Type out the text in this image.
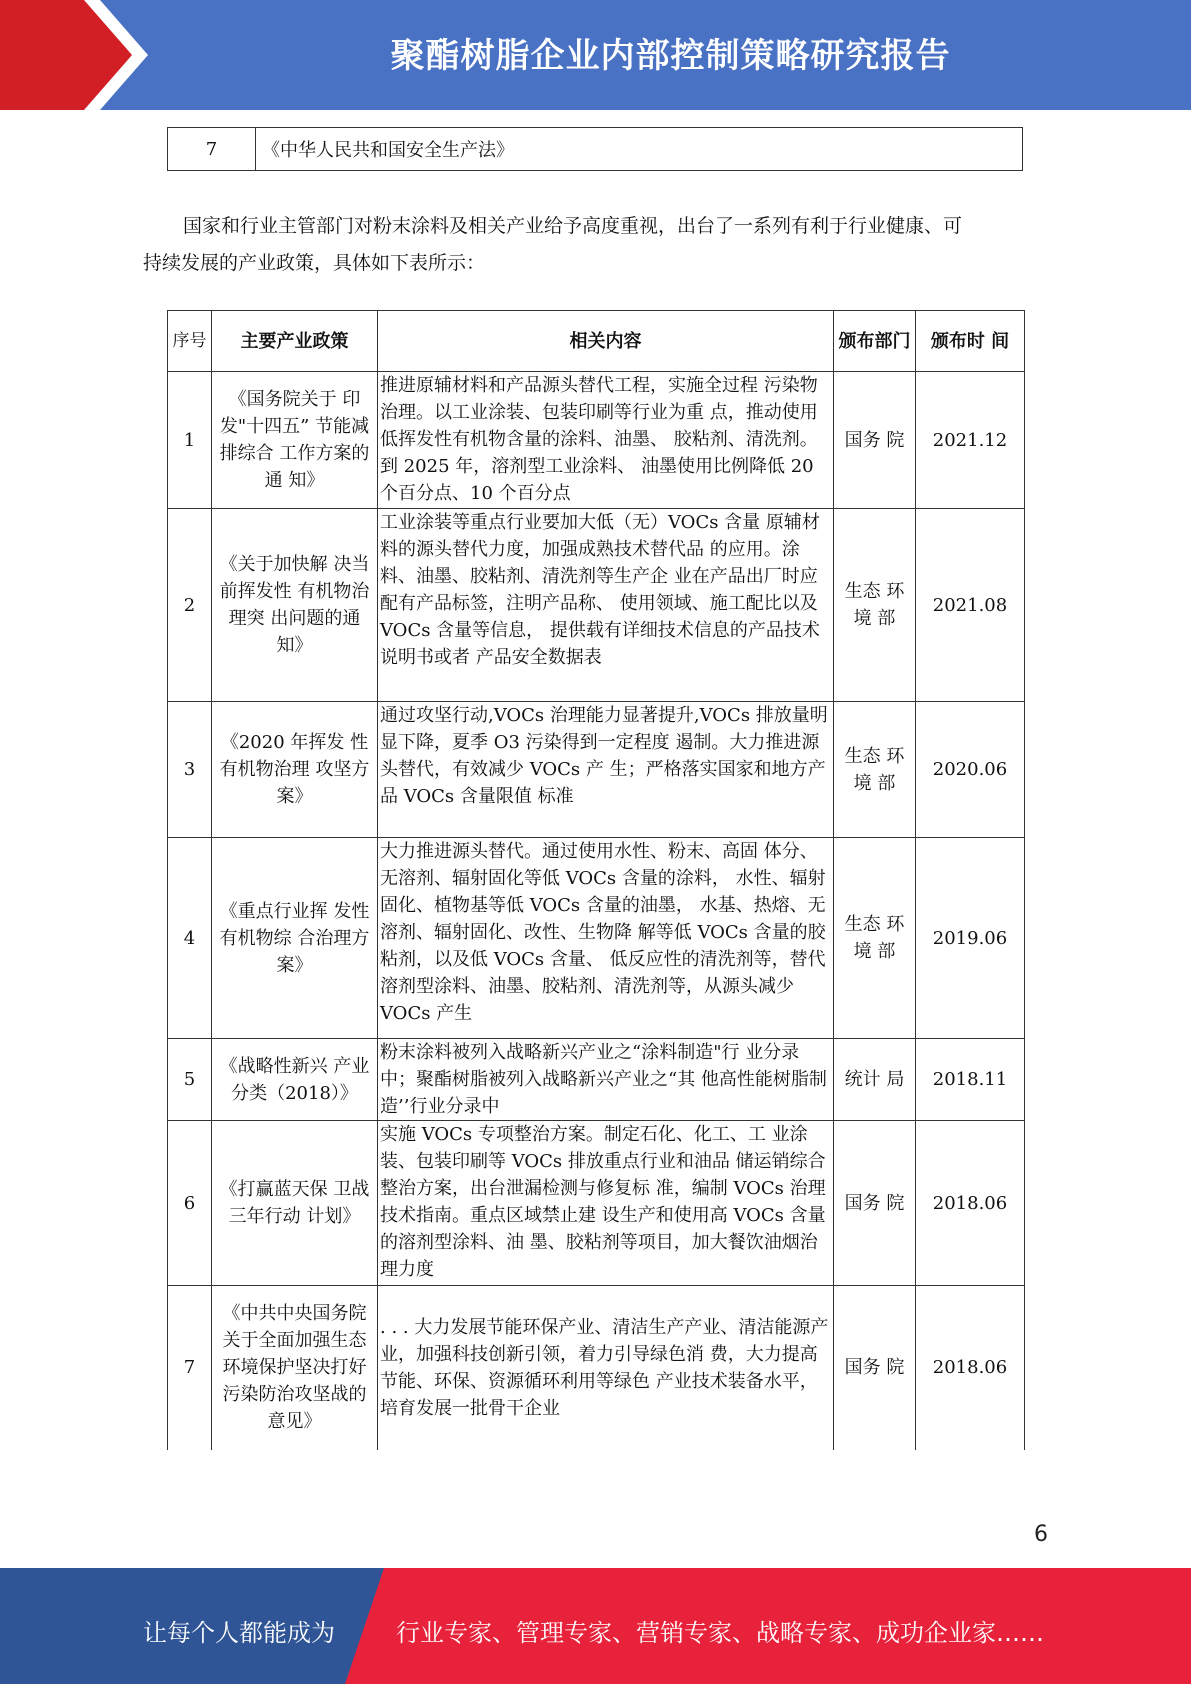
聚酯树脂企业内部控制策略研究报告
7	《中华人民共和国安全生产法》

国家和行业主管部门对粉末涂料及相关产业给予高度重视，出台了一系列有利于行业健康、可

持续发展的产业政策，具体如下表所示：
序号	主要产业政策	相关内容	颁布部门	颁布时 间
1	《国务院关于 印发"十四五” 节能减排综合 工作方案的通 知》	推进原辅材料和产品源头替代工程，实施全过程 污染物治理。以工业涂装、包装印刷等行业为重 点，推动使用低挥发性有机物含量的涂料、油墨、 胶粘剂、清洗剂。到 2025 年，溶剂型工业涂料、 油墨使用比例降低 20 个百分点、10 个百分点	国务 院	2021.12
2	《关于加快解 决当前挥发性 有机物治理突 出问题的通知》	工业涂装等重点行业要加大低（无）VOCs 含量 原辅材料的源头替代力度，加强成熟技术替代品 的应用。涂料、油墨、胶粘剂、清洗剂等生产企 业在产品出厂时应配有产品标签，注明产品称、 使用领域、施工配比以及 VOCs 含量等信息， 提供载有详细技术信息的产品技术说明书或者 产品安全数据表	生态 环境 部	2021.08
3	《2020 年挥发 性有机物治理 攻坚方案》	通过攻坚行动,VOCs 治理能力显著提升,VOCs 排放量明显下降，夏季 O3 污染得到一定程度 遏制。大力推进源头替代，有效减少 VOCs 产 生；严格落实国家和地方产品 VOCs 含量限值 标准	生态 环境 部	2020.06
4	《重点行业挥 发性有机物综 合治理方案》	大力推进源头替代。通过使用水性、粉末、高固 体分、无溶剂、辐射固化等低 VOCs 含量的涂料， 水性、辐射固化、植物基等低 VOCs 含量的油墨， 水基、热熔、无溶剂、辐射固化、改性、生物降 解等低 VOCs 含量的胶粘剂，以及低 VOCs 含量、 低反应性的清洗剂等，替代溶剂型涂料、油墨、胶粘剂、清洗剂等，从源头减少 VOCs 产生	生态 环境 部	2019.06
5	《战略性新兴 产业分类（2018）》	粉末涂料被列入战略新兴产业之“涂料制造"行 业分录中；聚酯树脂被列入战略新兴产业之“其 他高性能树脂制造’’行业分录中	统计 局	2018.11
6	《打赢蓝天保 卫战三年行动 计划》	实施 VOCs 专项整治方案。制定石化、化工、工 业涂装、包装印刷等 VOCs 排放重点行业和油品 储运销综合整治方案，出台泄漏检测与修复标 准，编制 VOCs 治理技术指南。重点区域禁止建 设生产和使用高 VOCs 含量的溶剂型涂料、油 墨、胶粘剂等项目，加大餐饮油烟治理力度	国务 院	2018.06
7	《中共中央国务院关于全面加强生态环境保护坚决打好污染防治攻坚战的意见》	. . . 大力发展节能环保产业、清洁生产产业、清洁能源产业，加强科技创新引领，着力引导绿色消 费，大力提高节能、环保、资源循环利用等绿色 产业技术装备水平，培育发展一批骨干企业	国务 院	2018.06
6
让每个人都能成为	行业专家、管理专家、营销专家、战略专家、成功企业家……
